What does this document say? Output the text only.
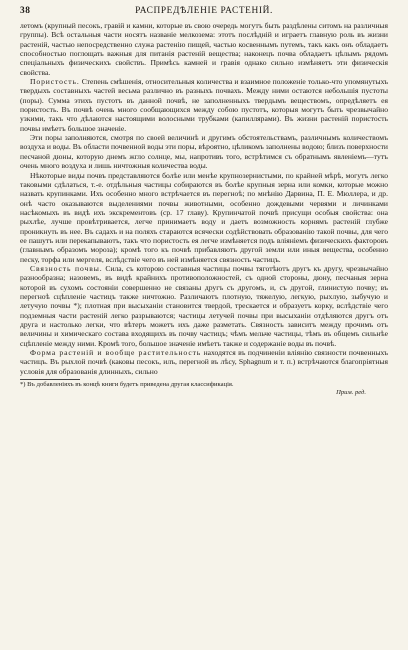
38	РАСПРЕДѢЛЕНІЕ РАСТЕНІЙ.

летомъ (крупный песокъ, гравій и камни, которые въ свою очередь могутъ быть раздѣлены ситомъ на различныя группы). Всѣ остальныя части носятъ названіе мелкозема: этотъ послѣдній и играетъ главную роль въ жизни растеній, частью непосредственно служа растенію пищей, частью косвеннымъ путемъ, такъ какъ онъ обладаетъ способностью поглощать важныя для питанія растеній вещества; наконецъ почва обладаетъ цѣлымъ рядомъ спеціальныхъ физическихъ свойствъ. Примѣсь камней и гравія однако сильно измѣняетъ эти физическія свойства.

Пористость. Степень смѣшенія, относительныя количества и взаимное положеніе только-что упомянутыхъ твердыхъ составныхъ частей весьма различно въ разныхъ почвахъ. Между ними остаются небольшія пустоты (поры). Сумма этихъ пустотъ въ данной почвѣ, не заполненныхъ твердымъ веществомъ, опредѣляетъ ея пористость. Въ почвѣ очень много сообщающихся между собою пустотъ, которыя могутъ быть чрезвычайно узкими, такъ что дѣлаются настоящими волосными трубками (капиллярами). Въ жизни растеній пористость почвы имѣетъ большое значеніе.

Эти поры заполняются, смотря по своей величинѣ и другимъ обстоятельствамъ, различнымъ количествомъ воздуха и воды. Въ области почвенной воды эти поры, вѣроятно, цѣликомъ заполнены водою; близъ поверхности песчаной дюны, которую днемъ жгло солнце, мы, напротивъ того, встрѣтимся съ обратнымъ явленіемъ—тутъ очень много воздуха и лишь ничтожныя количества воды.

Нѣкоторые виды почвъ представляются болѣе или менѣе крупнозернистыми, по крайней мѣрѣ, могутъ легко таковыми сдѣлаться, т.-е. отдѣльныя частицы собираются въ болѣе крупныя зерна или комки, которые можно назвать крупинками. Ихъ особенно много встрѣчается въ перегноѣ; по мнѣнію Дарвина, П. Е. Мюллера, и др. онѣ часто оказываются выделениями почвы животными, особенно дождевыми червями и личинками насѣкомыхъ въ видѣ ихъ экскрементовъ (ср. 17 главу). Крупинчатой почвѣ присущи особыя свойства: она рыхлѣе, лучше провѣтривается, легче принимаетъ воду и даетъ возможность корнямъ растеній глубже проникнуть въ нее. Въ садахъ и на поляхъ стараются всячески содѣйствовать образованію такой почвы, для чего ее пашутъ или перекапываютъ, такъ что пористость ея легче измѣняется подъ вліяніемъ физическихъ факторовъ (главнымъ образомъ мороза); кромѣ того къ почвѣ прибавляютъ другой земли или иныя вещества, особенно песку, торфа или мергеля, вслѣдствіе чего въ ней измѣняется связность частицъ.

Связность почвы. Сила, съ которою составныя частицы почвы тяготѣютъ другъ къ другу, чрезвычайно разнообразна; назовемъ, въ видѣ крайнихъ противоположностей, съ одной стороны, дюну, песчаныя зерна которой въ сухомъ состояніи совершенно не связаны другъ съ другомъ, и, съ другой, глинистую почву; въ перегноѣ сцѣпленіе частицъ также ничтожно. Различаютъ плотную, тяжелую, легкую, рыхлую, зыбучую и летучую почвы *); плотная при высыханіи становится твердой, трескается и образуетъ корку, вслѣдствіе чего подземныя части растеній легко разрываются; частицы летучей почвы при высыханіи отдѣляются другъ отъ друга и настолько легки, что вѣтеръ можетъ ихъ даже разметать. Связность зависитъ между прочимъ отъ величины и химическаго состава входящихъ въ почву частицъ; чѣмъ мельче частицы, тѣмъ въ общемъ сильнѣе сцѣпленіе между ними. Кромѣ того, большое значеніе имѣетъ также и содержаніе воды въ почвѣ.

Форма растеній и вообще растительность находятся въ подчиненіи вліянію связности почвенныхъ частицъ. Въ рыхлой почвѣ (каковы песокъ, илъ, перегной въ лѣсу, Sphagnum и т. п.) встрѣчаются благопріятныя условія для образованія длинныхъ, сильно

*) Въ добавленіяхъ въ концѣ книги будетъ приведена другая классификація.
Прим. ред.
